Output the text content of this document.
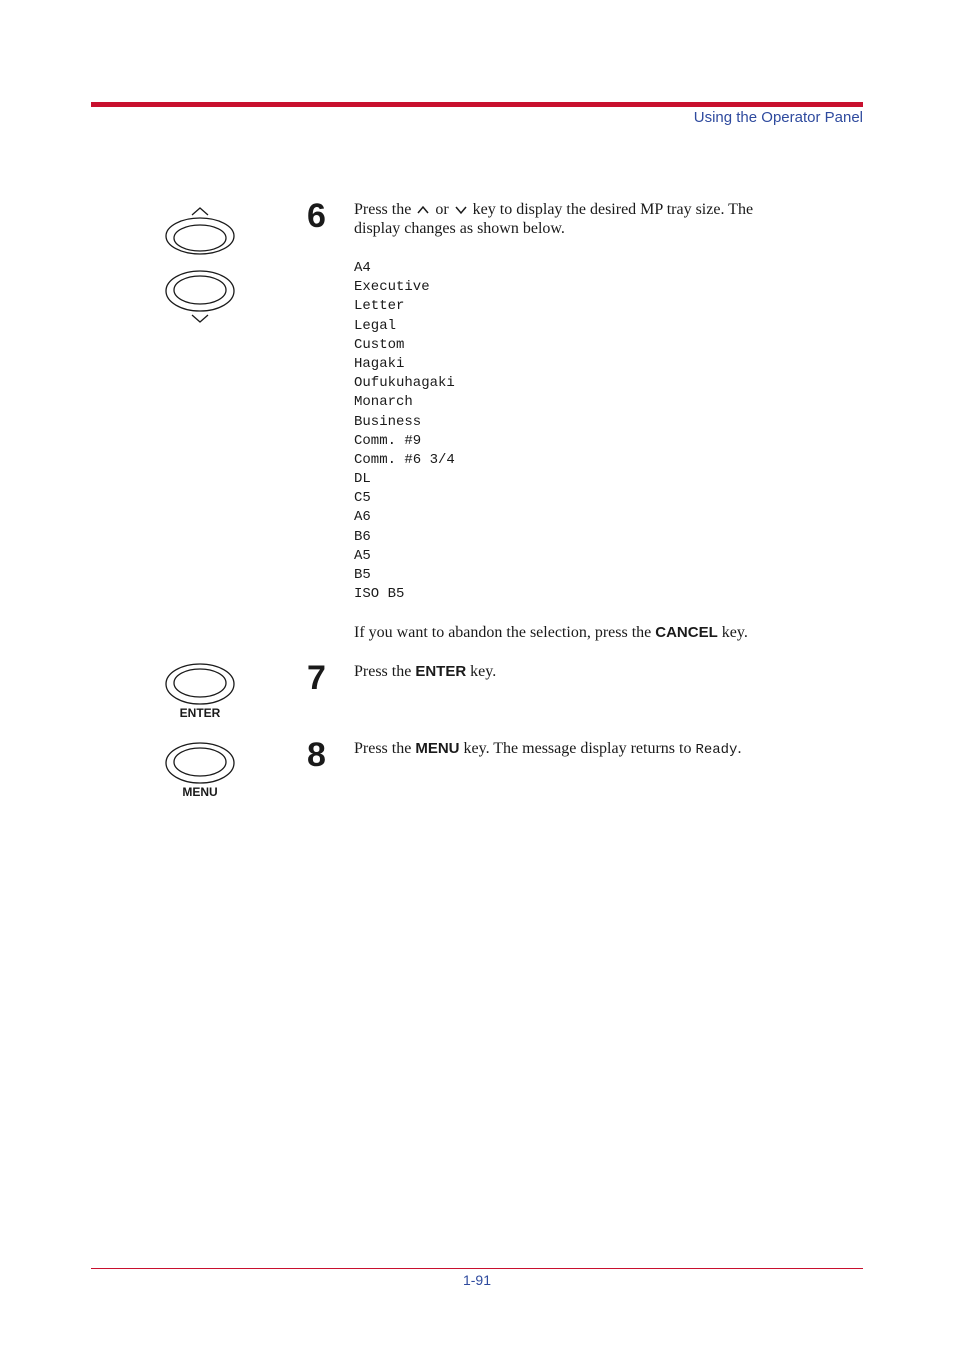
Using the Operator Panel
6 Press the or key to display the desired MP tray size. The
display changes as shown below.
A4
Executive
Letter
Legal
Custom
Hagaki
Oufukuhagaki
Monarch
Business
Comm. #9
Comm. #6 3/4
DL
C5
A6
B6
A5
B5
ISO B5
If you want to abandon the selection, press the CANCEL key.
ENTER
7 Press the ENTER key.
MENU
8 Press the MENU key. The message display returns to Ready.
1-91
